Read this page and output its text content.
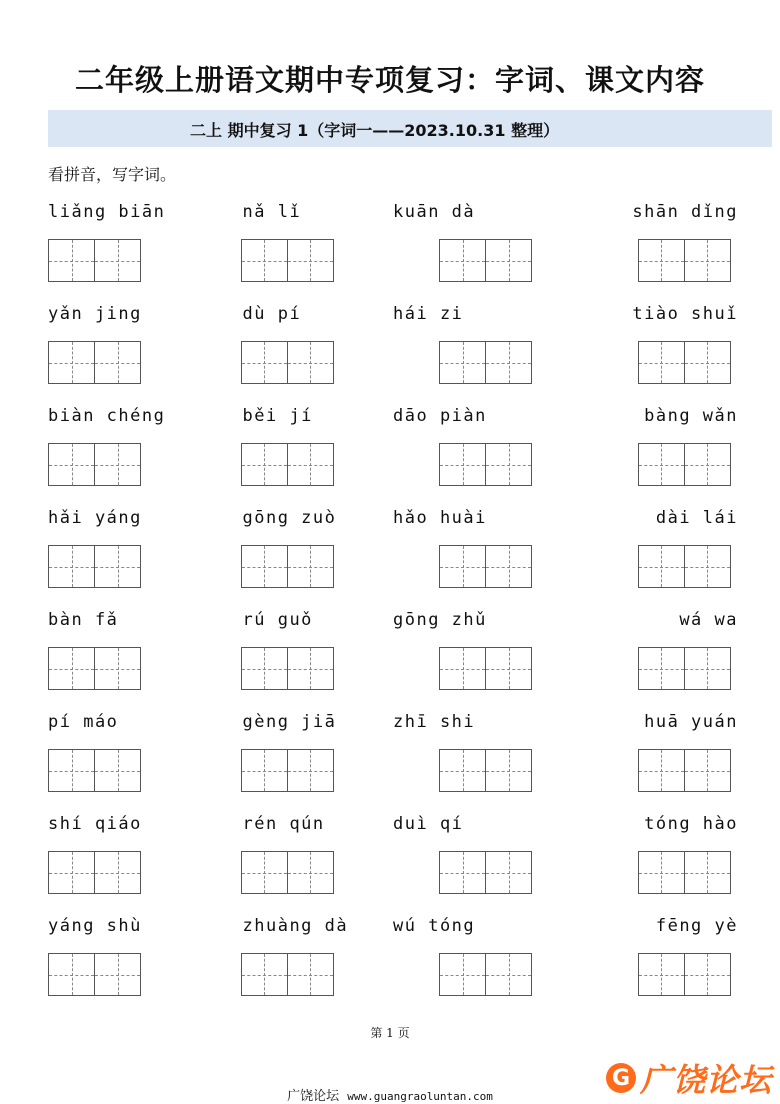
二年级上册语文期中专项复习：字词、课文内容
二上 期中复习 1（字词一——2023.10.31 整理）
看拼音，写字词。
liǎng biān	nǎ lǐ	kuān dà	shān dǐng
yǎn jing	dù pí	hái zi	tiào shuǐ
biàn chéng	běi jí	dāo piàn	bàng wǎn
hǎi yáng	gōng zuò	hǎo huài	dài lái
bàn fǎ	rú guǒ	gōng zhǔ	wá wa
pí máo	gèng jiā	zhī shi	huā yuán
shí qiáo	rén qún	duì qí	tóng hào
yáng shù	zhuàng dà	wú tóng	fēng yè
第 1 页
广饶论坛 www.guangraoluntan.com
G 广饶论坛
